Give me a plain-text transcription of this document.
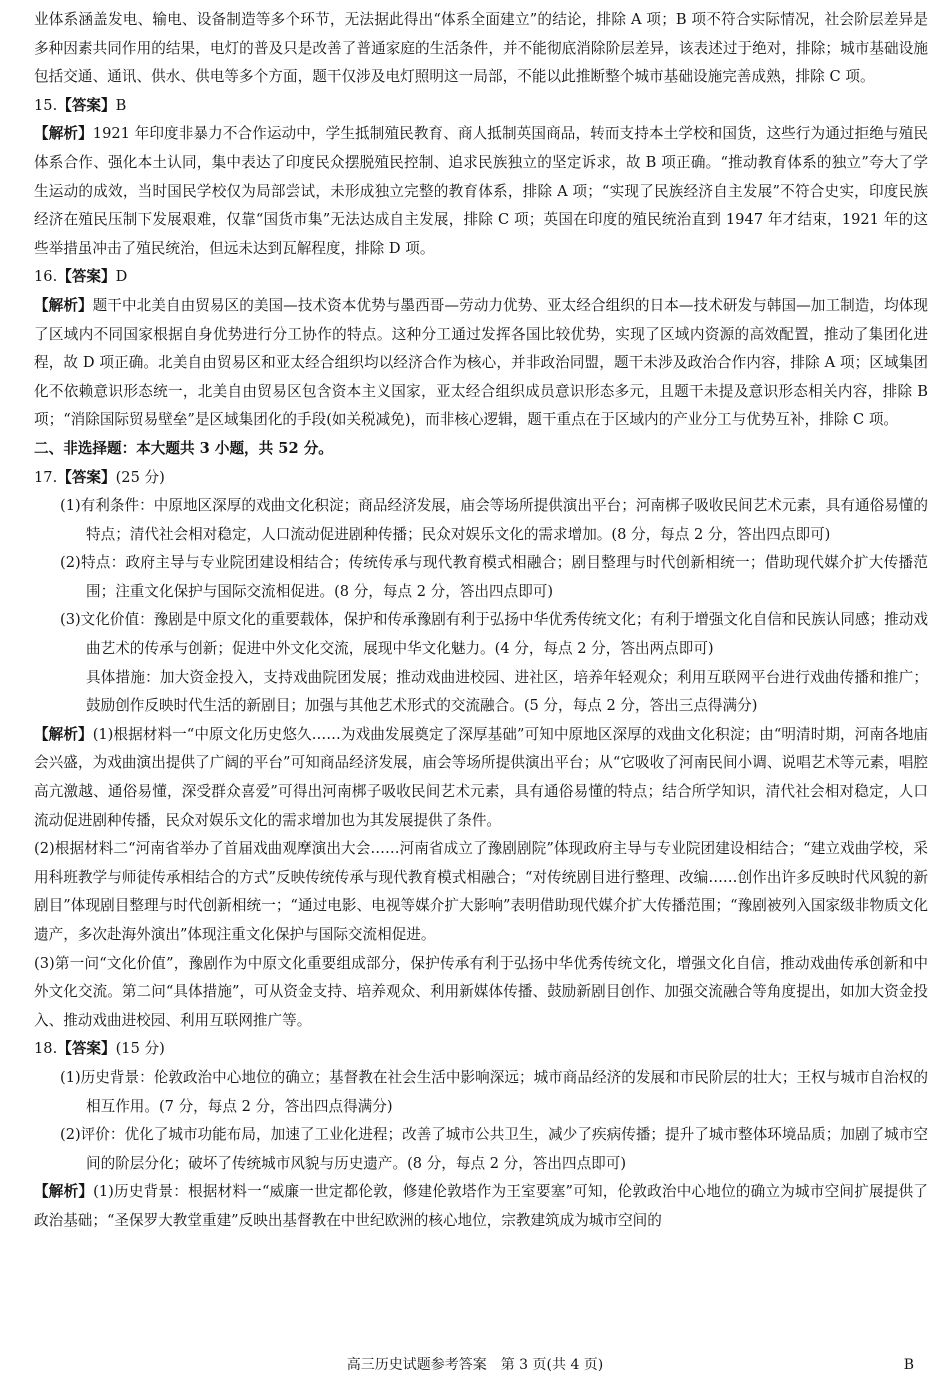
业体系涵盖发电、输电、设备制造等多个环节，无法据此得出“体系全面建立”的结论，排除 A 项；B 项不符合实际情况，社会阶层差异是多种因素共同作用的结果，电灯的普及只是改善了普通家庭的生活条件，并不能彻底消除阶层差异，该表述过于绝对，排除；城市基础设施包括交通、通讯、供水、供电等多个方面，题干仅涉及电灯照明这一局部，不能以此推断整个城市基础设施完善成熟，排除 C 项。

15.【答案】B

【解析】1921 年印度非暴力不合作运动中，学生抵制殖民教育、商人抵制英国商品，转而支持本土学校和国货，这些行为通过拒绝与殖民体系合作、强化本土认同，集中表达了印度民众摆脱殖民控制、追求民族独立的坚定诉求，故 B 项正确。“推动教育体系的独立”夸大了学生运动的成效，当时国民学校仅为局部尝试，未形成独立完整的教育体系，排除 A 项；“实现了民族经济自主发展”不符合史实，印度民族经济在殖民压制下发展艰难，仅靠“国货市集”无法达成自主发展，排除 C 项；英国在印度的殖民统治直到 1947 年才结束，1921 年的这些举措虽冲击了殖民统治，但远未达到瓦解程度，排除 D 项。

16.【答案】D

【解析】题干中北美自由贸易区的美国—技术资本优势与墨西哥—劳动力优势、亚太经合组织的日本—技术研发与韩国—加工制造，均体现了区域内不同国家根据自身优势进行分工协作的特点。这种分工通过发挥各国比较优势，实现了区域内资源的高效配置，推动了集团化进程，故 D 项正确。北美自由贸易区和亚太经合组织均以经济合作为核心，并非政治同盟，题干未涉及政治合作内容，排除 A 项；区域集团化不依赖意识形态统一，北美自由贸易区包含资本主义国家，亚太经合组织成员意识形态多元，且题干未提及意识形态相关内容，排除 B 项；“消除国际贸易壁垒”是区域集团化的手段(如关税减免)，而非核心逻辑，题干重点在于区域内的产业分工与优势互补，排除 C 项。

二、非选择题：本大题共 3 小题，共 52 分。

17.【答案】(25 分)

(1)有利条件：中原地区深厚的戏曲文化积淀；商品经济发展，庙会等场所提供演出平台；河南梆子吸收民间艺术元素，具有通俗易懂的特点；清代社会相对稳定，人口流动促进剧种传播；民众对娱乐文化的需求增加。(8 分，每点 2 分，答出四点即可)

(2)特点：政府主导与专业院团建设相结合；传统传承与现代教育模式相融合；剧目整理与时代创新相统一；借助现代媒介扩大传播范围；注重文化保护与国际交流相促进。(8 分，每点 2 分，答出四点即可)

(3)文化价值：豫剧是中原文化的重要载体，保护和传承豫剧有利于弘扬中华优秀传统文化；有利于增强文化自信和民族认同感；推动戏曲艺术的传承与创新；促进中外文化交流，展现中华文化魅力。(4 分，每点 2 分，答出两点即可)

具体措施：加大资金投入，支持戏曲院团发展；推动戏曲进校园、进社区，培养年轻观众；利用互联网平台进行戏曲传播和推广；鼓励创作反映时代生活的新剧目；加强与其他艺术形式的交流融合。(5 分，每点 2 分，答出三点得满分)

【解析】(1)根据材料一“中原文化历史悠久……为戏曲发展奠定了深厚基础”可知中原地区深厚的戏曲文化积淀；由“明清时期，河南各地庙会兴盛，为戏曲演出提供了广阔的平台”可知商品经济发展，庙会等场所提供演出平台；从“它吸收了河南民间小调、说唱艺术等元素，唱腔高亢激越、通俗易懂，深受群众喜爱”可得出河南梆子吸收民间艺术元素，具有通俗易懂的特点；结合所学知识，清代社会相对稳定，人口流动促进剧种传播，民众对娱乐文化的需求增加也为其发展提供了条件。

(2)根据材料二“河南省举办了首届戏曲观摩演出大会……河南省成立了豫剧剧院”体现政府主导与专业院团建设相结合；“建立戏曲学校，采用科班教学与师徒传承相结合的方式”反映传统传承与现代教育模式相融合；“对传统剧目进行整理、改编……创作出许多反映时代风貌的新剧目”体现剧目整理与时代创新相统一；“通过电影、电视等媒介扩大影响”表明借助现代媒介扩大传播范围；“豫剧被列入国家级非物质文化遗产，多次赴海外演出”体现注重文化保护与国际交流相促进。

(3)第一问“文化价值”，豫剧作为中原文化重要组成部分，保护传承有利于弘扬中华优秀传统文化，增强文化自信，推动戏曲传承创新和中外文化交流。第二问“具体措施”，可从资金支持、培养观众、利用新媒体传播、鼓励新剧目创作、加强交流融合等角度提出，如加大资金投入、推动戏曲进校园、利用互联网推广等。

18.【答案】(15 分)

(1)历史背景：伦敦政治中心地位的确立；基督教在社会生活中影响深远；城市商品经济的发展和市民阶层的壮大；王权与城市自治权的相互作用。(7 分，每点 2 分，答出四点得满分)

(2)评价：优化了城市功能布局，加速了工业化进程；改善了城市公共卫生，减少了疾病传播；提升了城市整体环境品质；加剧了城市空间的阶层分化；破坏了传统城市风貌与历史遗产。(8 分，每点 2 分，答出四点即可)

【解析】(1)历史背景：根据材料一“威廉一世定都伦敦，修建伦敦塔作为王室要塞”可知，伦敦政治中心地位的确立为城市空间扩展提供了政治基础；“圣保罗大教堂重建”反映出基督教在中世纪欧洲的核心地位，宗教建筑成为城市空间的

高三历史试题参考答案　第 3 页(共 4 页)	B
